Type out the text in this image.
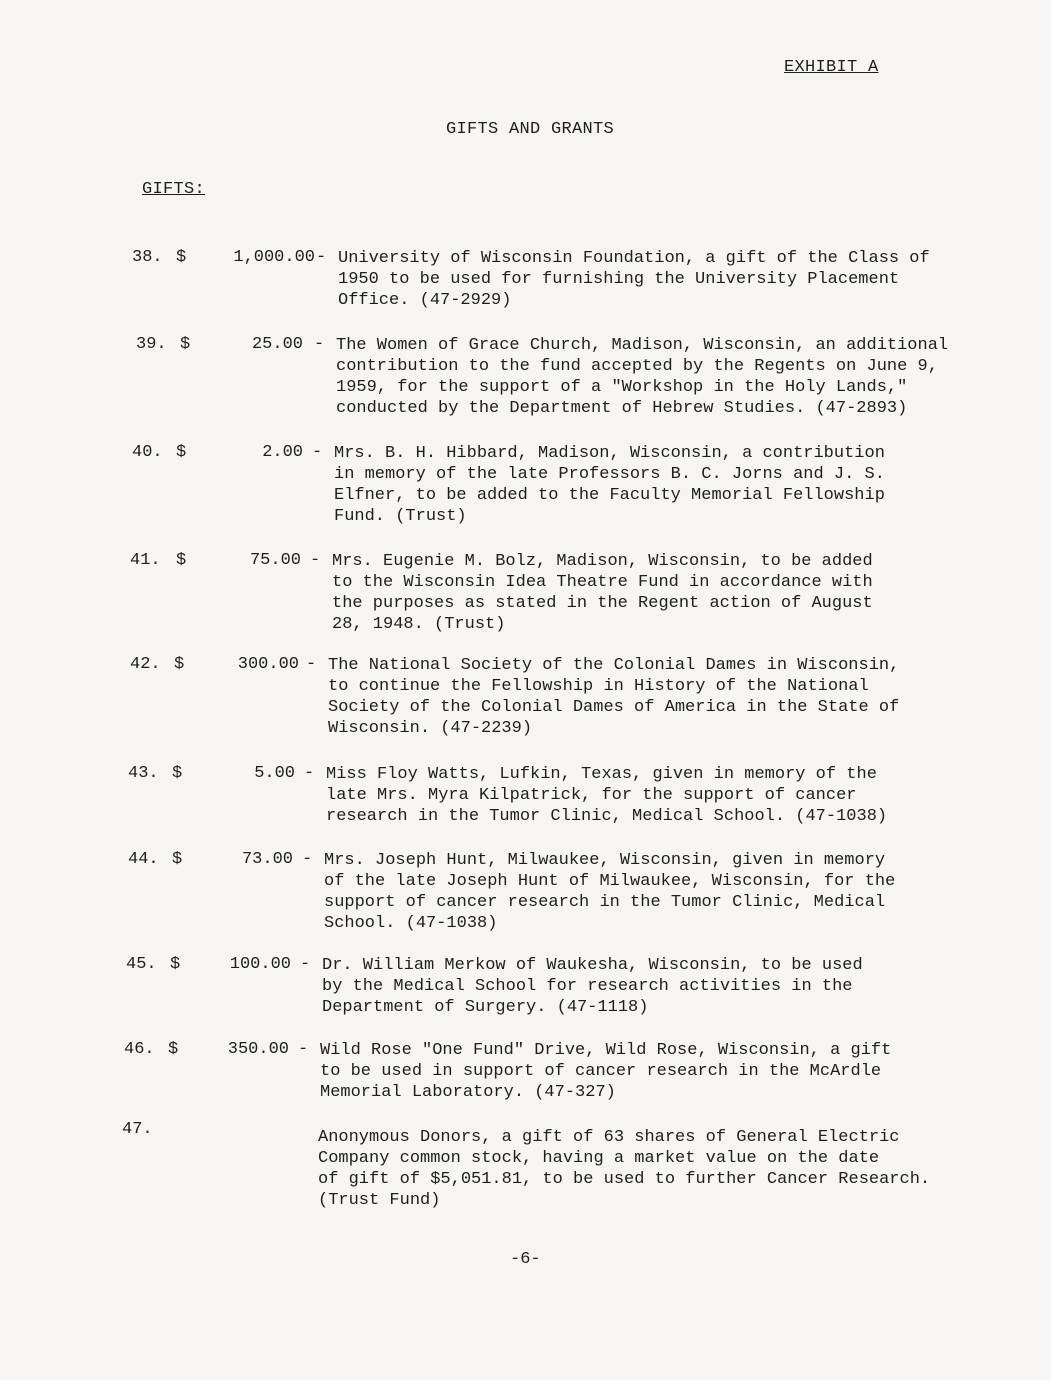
EXHIBIT A
GIFTS AND GRANTS
GIFTS:
38. $	1,000.00 - University of Wisconsin Foundation, a gift of the Class of
1950 to be used for furnishing the University Placement
Office. (47-2929)
39. $	25.00 - The Women of Grace Church, Madison, Wisconsin, an additional
contribution to the fund accepted by the Regents on June 9,
1959, for the support of a "Workshop in the Holy Lands,"
conducted by the Department of Hebrew Studies. (47-2893)
40. $	2.00 - Mrs. B. H. Hibbard, Madison, Wisconsin, a contribution
in memory of the late Professors B. C. Jorns and J. S.
Elfner, to be added to the Faculty Memorial Fellowship
Fund. (Trust)
41. $	75.00 - Mrs. Eugenie M. Bolz, Madison, Wisconsin, to be added
to the Wisconsin Idea Theatre Fund in accordance with
the purposes as stated in the Regent action of August
28, 1948. (Trust)
42. $	300.00 - The National Society of the Colonial Dames in Wisconsin,
to continue the Fellowship in History of the National
Society of the Colonial Dames of America in the State of
Wisconsin. (47-2239)
43. $	5.00 - Miss Floy Watts, Lufkin, Texas, given in memory of the
late Mrs. Myra Kilpatrick, for the support of cancer
research in the Tumor Clinic, Medical School. (47-1038)
44. $	73.00 - Mrs. Joseph Hunt, Milwaukee, Wisconsin, given in memory
of the late Joseph Hunt of Milwaukee, Wisconsin, for the
support of cancer research in the Tumor Clinic, Medical
School. (47-1038)
45. $	100.00 - Dr. William Merkow of Waukesha, Wisconsin, to be used
by the Medical School for research activities in the
Department of Surgery. (47-1118)
46. $	350.00 - Wild Rose "One Fund" Drive, Wild Rose, Wisconsin, a gift
to be used in support of cancer research in the McArdle
Memorial Laboratory. (47-327)
47.	Anonymous Donors, a gift of 63 shares of General Electric
Company common stock, having a market value on the date
of gift of $5,051.81, to be used to further Cancer Research.
(Trust Fund)
-6-
